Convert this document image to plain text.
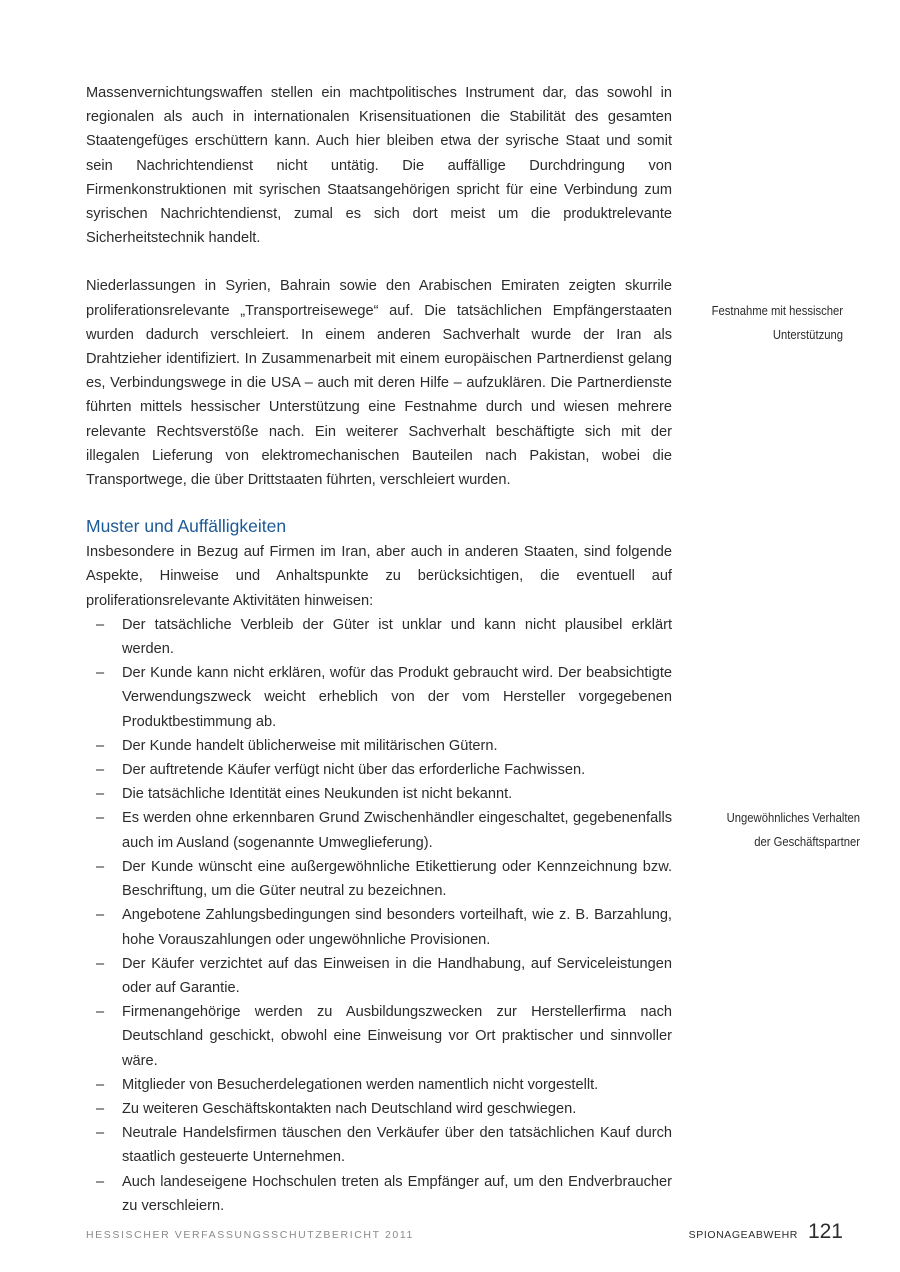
Massenvernichtungswaffen stellen ein machtpolitisches Instrument dar, das sowohl in regionalen als auch in internationalen Krisensituationen die Stabilität des gesamten Staatengefüges erschüttern kann. Auch hier bleiben etwa der syrische Staat und somit sein Nachrichtendienst nicht untätig. Die auffällige Durchdringung von Firmenkonstruktionen mit syrischen Staatsangehörigen spricht für eine Verbindung zum syrischen Nachrichtendienst, zumal es sich dort meist um die produktrelevante Sicherheitstechnik handelt.

Niederlassungen in Syrien, Bahrain sowie den Arabischen Emiraten zeigten skurrile proliferationsrelevante „Transportreisewege“ auf. Die tatsächlichen Empfängerstaaten wurden dadurch verschleiert. In einem anderen Sachverhalt wurde der Iran als Drahtzieher identifiziert. In Zusammenarbeit mit einem europäischen Partnerdienst gelang es, Verbindungswege in die USA – auch mit deren Hilfe – aufzuklären. Die Partnerdienste führten mittels hessischer Unterstützung eine Festnahme durch und wiesen mehrere relevante Rechtsverstöße nach. Ein weiterer Sachverhalt beschäftigte sich mit der illegalen Lieferung von elektromechanischen Bauteilen nach Pakistan, wobei die Transportwege, die über Drittstaaten führten, verschleiert wurden.

Muster und Auffälligkeiten

Insbesondere in Bezug auf Firmen im Iran, aber auch in anderen Staaten, sind folgende Aspekte, Hinweise und Anhaltspunkte zu berücksichtigen, die eventuell auf proliferationsrelevante Aktivitäten hinweisen:

– Der tatsächliche Verbleib der Güter ist unklar und kann nicht plausibel erklärt werden.
– Der Kunde kann nicht erklären, wofür das Produkt gebraucht wird. Der beabsichtigte Verwendungszweck weicht erheblich von der vom Hersteller vorgegebenen Produktbestimmung ab.
– Der Kunde handelt üblicherweise mit militärischen Gütern.
– Der auftretende Käufer verfügt nicht über das erforderliche Fachwissen.
– Die tatsächliche Identität eines Neukunden ist nicht bekannt.
– Es werden ohne erkennbaren Grund Zwischenhändler eingeschaltet, gegebenenfalls auch im Ausland (sogenannte Umweglieferung).
– Der Kunde wünscht eine außergewöhnliche Etikettierung oder Kennzeichnung bzw. Beschriftung, um die Güter neutral zu bezeichnen.
– Angebotene Zahlungsbedingungen sind besonders vorteilhaft, wie z. B. Barzahlung, hohe Vorauszahlungen oder ungewöhnliche Provisionen.
– Der Käufer verzichtet auf das Einweisen in die Handhabung, auf Serviceleistungen oder auf Garantie.
– Firmenangehörige werden zu Ausbildungszwecken zur Herstellerfirma nach Deutschland geschickt, obwohl eine Einweisung vor Ort praktischer und sinnvoller wäre.
– Mitglieder von Besucherdelegationen werden namentlich nicht vorgestellt.
– Zu weiteren Geschäftskontakten nach Deutschland wird geschwiegen.
– Neutrale Handelsfirmen täuschen den Verkäufer über den tatsächlichen Kauf durch staatlich gesteuerte Unternehmen.
– Auch landeseigene Hochschulen treten als Empfänger auf, um den Endverbraucher zu verschleiern.
Festnahme mit hessischer
Unterstützung
Ungewöhnliches Verhalten
der Geschäftspartner
HESSISCHER VERFASSUNGSSCHUTZBERICHT 2011	SPIONAGEABWEHR 121
